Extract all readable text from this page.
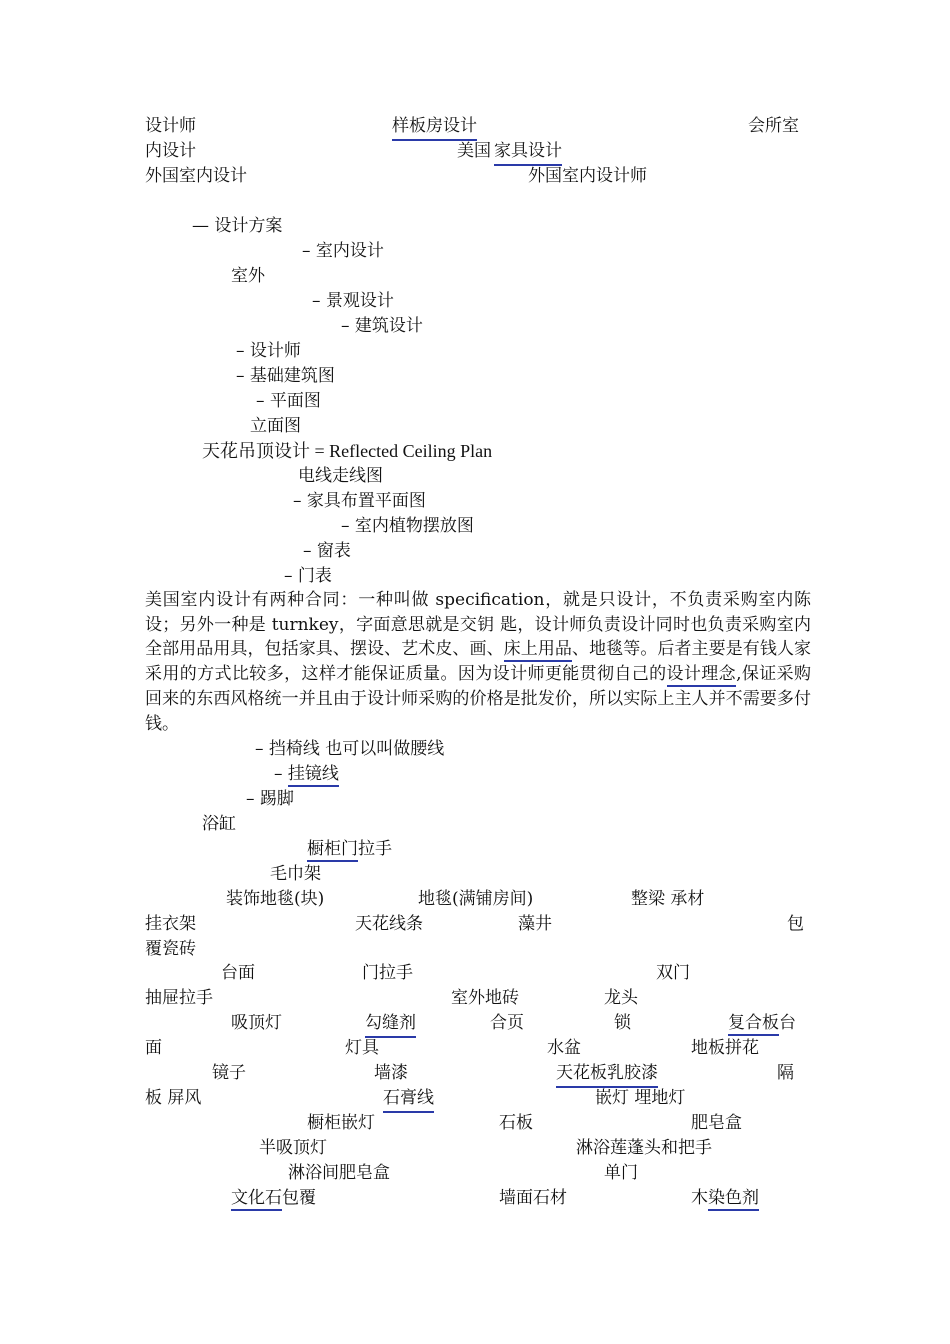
设计师	样板房设计	会所室
内设计	美国 家具设计
外国室内设计	外国室内设计师
— 设计方案
– 室内设计
室外
– 景观设计
– 建筑设计
– 设计师
– 基础建筑图
– 平面图
立面图
天花吊顶设计 = Reflected Ceiling Plan
电线走线图
– 家具布置平面图
– 室内植物摆放图
– 窗表
– 门表
美国室内设计有两种合同：一种叫做 specification，就是只设计，不负责采购室内陈设；另外一种是 turnkey，字面意思就是交钥 匙，设计师负责设计同时也负责采购室内全部用品用具，包括家具、摆设、艺术皮、画、床上用品、地毯等。后者主要是有钱人家采用的方式比较多，这样才能保证质量。因为设计师更能贯彻自己的设计理念,保证采购回来的东西风格统一并且由于设计师采购的价格是批发价，所以实际上主人并不需要多付钱。
– 挡椅线 也可以叫做腰线
– 挂镜线
– 踢脚
浴缸
橱柜门拉手
毛巾架
装饰地毯(块)	地毯(满铺房间)	整梁 承材
挂衣架	天花线条	藻井	包
覆瓷砖
台面	门拉手	双门
抽屉拉手	室外地砖	龙头
吸顶灯	勾缝剂	合页	锁	复合板台
面	灯具	水盆	地板拼花
镜子	墙漆	天花板乳胶漆	隔
板 屏风	石膏线	嵌灯 埋地灯
橱柜嵌灯	石板	肥皂盒
半吸顶灯	淋浴莲蓬头和把手
淋浴间肥皂盒	单门
文化石包覆	墙面石材	木染色剂
